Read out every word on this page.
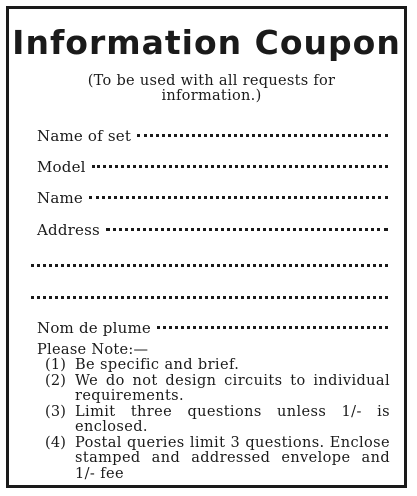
Information Coupon
(To be used with all requests for information.)
Name of set
Model
Name
Address
Nom de plume
Please Note:—
(1) Be specific and brief.
(2) We do not design circuits to individual requirements.
(3) Limit three questions unless 1/- is enclosed.
(4) Postal queries limit 3 questions. Enclose stamped and addressed envelope and 1/- fee
